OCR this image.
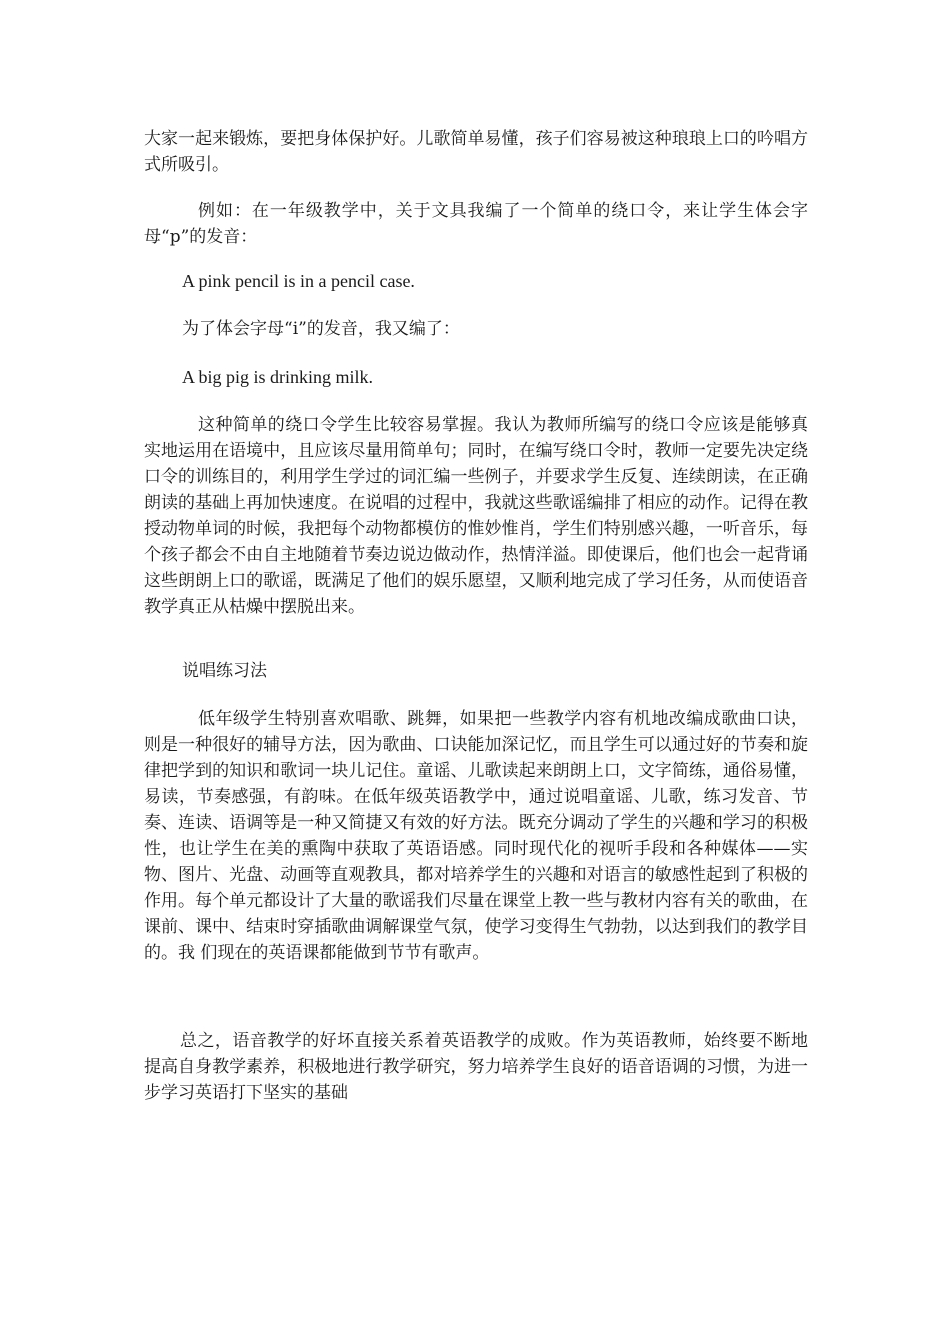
大家一起来锻炼，要把身体保护好。儿歌简单易懂，孩子们容易被这种琅琅上口的吟唱方式所吸引。

例如：在一年级教学中，关于文具我编了一个简单的绕口令，来让学生体会字母“p”的发音：

A pink pencil is in a pencil case.

为了体会字母“i”的发音，我又编了：

A big pig is drinking milk.

这种简单的绕口令学生比较容易掌握。我认为教师所编写的绕口令应该是能够真实地运用在语境中，且应该尽量用简单句；同时，在编写绕口令时，教师一定要先决定绕口令的训练目的，利用学生学过的词汇编一些例子，并要求学生反复、连续朗读，在正确朗读的基础上再加快速度。在说唱的过程中，我就这些歌谣编排了相应的动作。记得在教授动物单词的时候，我把每个动物都模仿的惟妙惟肖，学生们特别感兴趣，一听音乐，每个孩子都会不由自主地随着节奏边说边做动作，热情洋溢。即使课后，他们也会一起背诵这些朗朗上口的歌谣，既满足了他们的娱乐愿望，又顺利地完成了学习任务，从而使语音教学真正从枯燥中摆脱出来。

说唱练习法

低年级学生特别喜欢唱歌、跳舞，如果把一些教学内容有机地改编成歌曲口诀，则是一种很好的辅导方法，因为歌曲、口诀能加深记忆，而且学生可以通过好的节奏和旋律把学到的知识和歌词一块儿记住。童谣、儿歌读起来朗朗上口，文字简练，通俗易懂，易读，节奏感强，有韵味。在低年级英语教学中，通过说唱童谣、儿歌，练习发音、节奏、连读、语调等是一种又简捷又有效的好方法。既充分调动了学生的兴趣和学习的积极性，也让学生在美的熏陶中获取了英语语感。同时现代化的视听手段和各种媒体——实物、图片、光盘、动画等直观教具，都对培养学生的兴趣和对语言的敏感性起到了积极的作用。每个单元都设计了大量的歌谣我们尽量在课堂上教一些与教材内容有关的歌曲，在课前、课中、结束时穿插歌曲调解课堂气氛，使学习变得生气勃勃，以达到我们的教学目的。我 们现在的英语课都能做到节节有歌声。

总之，语音教学的好坏直接关系着英语教学的成败。作为英语教师，始终要不断地提高自身教学素养，积极地进行教学研究，努力培养学生良好的语音语调的习惯，为进一步学习英语打下坚实的基础
